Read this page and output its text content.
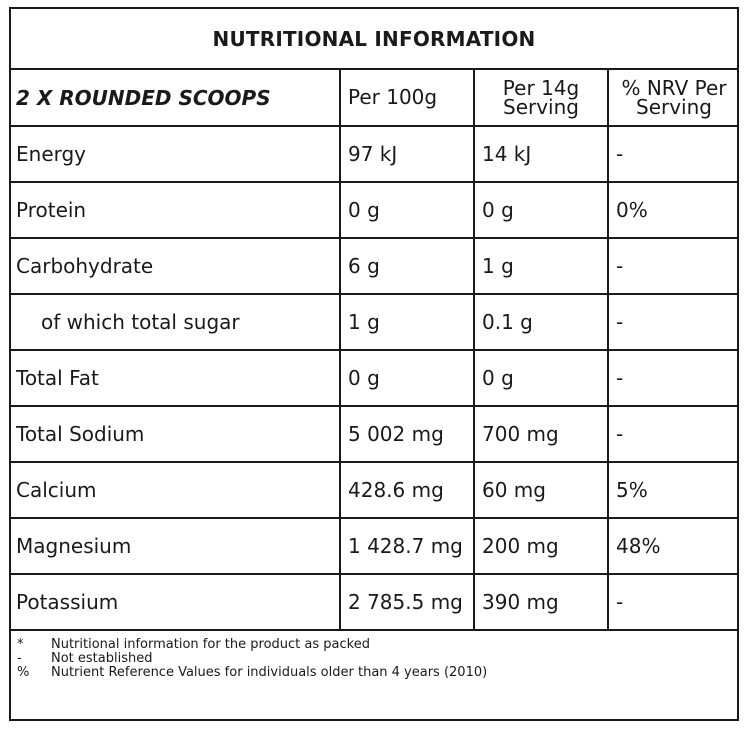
NUTRITIONAL INFORMATION
2 X ROUNDED SCOOPS	Per 100g	Per 14g Serving	% NRV Per Serving
Energy	97 kJ	14 kJ	-
Protein	0 g	0 g	0%
Carbohydrate	6 g	1 g	-
of which total sugar	1 g	0.1 g	-
Total Fat	0 g	0 g	-
Total Sodium	5 002 mg	700 mg	-
Calcium	428.6 mg	60 mg	5%
Magnesium	1 428.7 mg	200 mg	48%
Potassium	2 785.5 mg	390 mg	-
*	Nutritional information for the product as packed
-	Not established
%	Nutrient Reference Values for individuals older than 4 years (2010)
